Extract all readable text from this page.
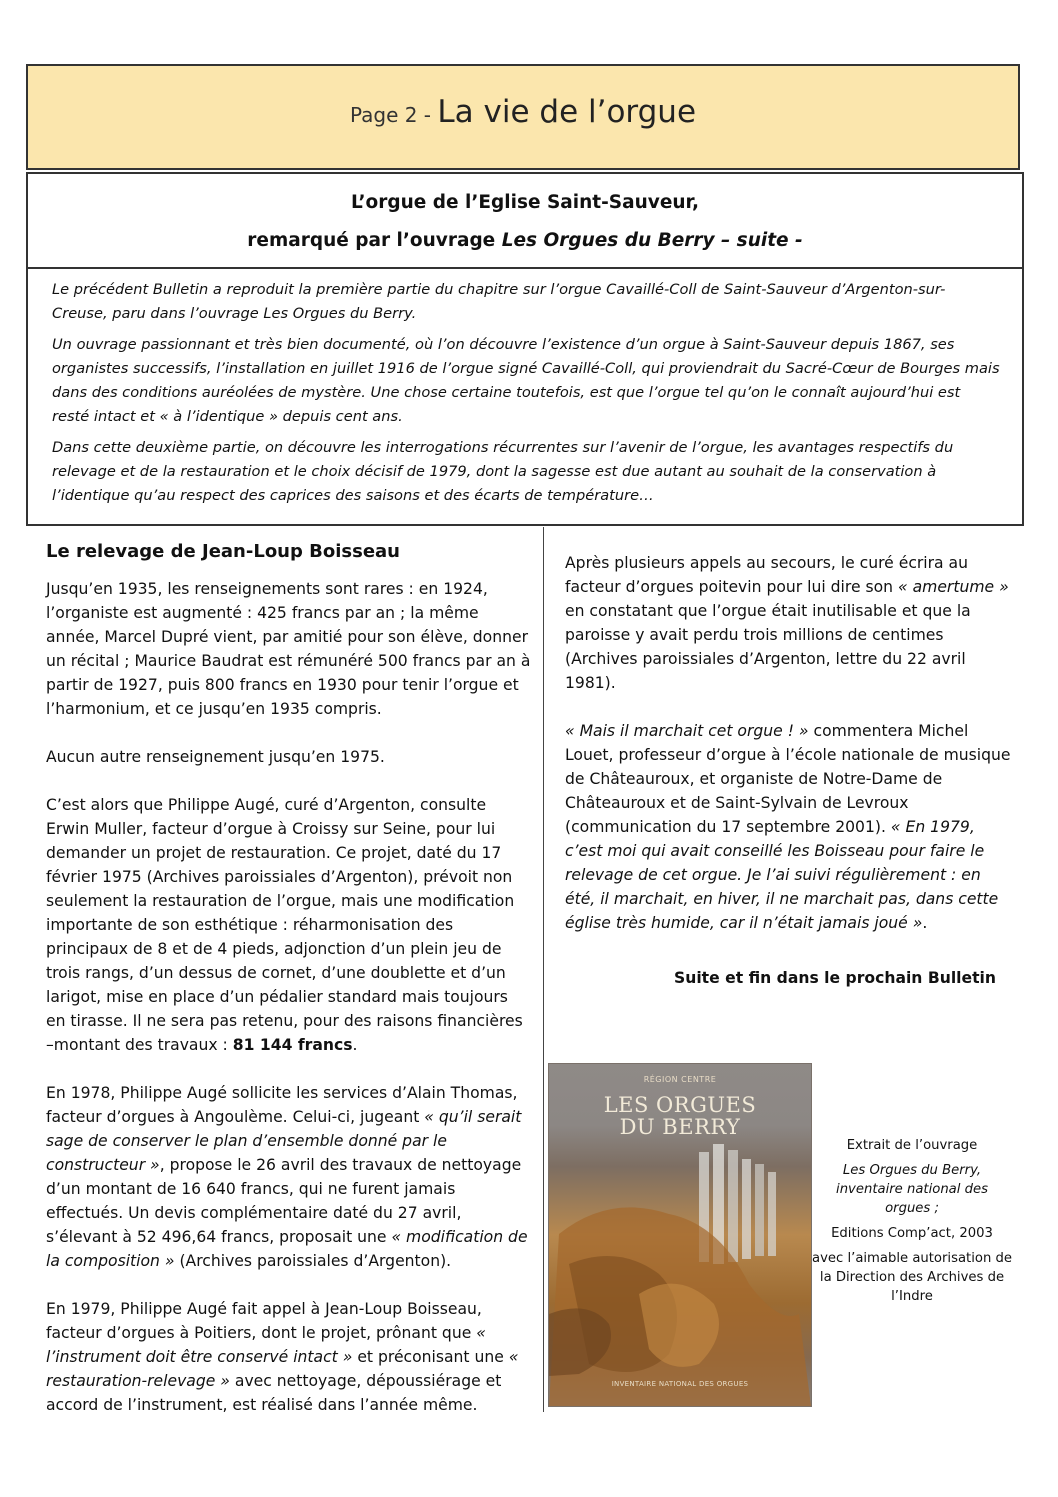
Page 2 - La vie de l’orgue
L’orgue de l’Eglise Saint-Sauveur,
remarqué par l’ouvrage Les Orgues du Berry – suite -

Le précédent Bulletin a reproduit la première partie du chapitre sur l’orgue Cavaillé-Coll de Saint-Sauveur d’Argenton-sur-Creuse, paru dans l’ouvrage Les Orgues du Berry.

Un ouvrage passionnant et très bien documenté, où l’on découvre l’existence d’un orgue à Saint-Sauveur depuis 1867, ses organistes successifs, l’installation en juillet 1916 de l’orgue signé Cavaillé-Coll, qui proviendrait du Sacré-Cœur de Bourges mais dans des conditions auréolées de mystère. Une chose certaine toutefois, est que l’orgue tel qu’on le connaît aujourd’hui est resté intact et « à l’identique » depuis cent ans.

Dans cette deuxième partie, on découvre les interrogations récurrentes sur l’avenir de l’orgue, les avantages respectifs du relevage et de la restauration et le choix décisif de 1979, dont la sagesse est due autant au souhait de la conservation à l’identique qu’au respect des caprices des saisons et des écarts de température…

Le relevage de Jean-Loup Boisseau

Jusqu’en 1935, les renseignements sont rares : en 1924, l’organiste est augmenté : 425 francs par an ; la même année, Marcel Dupré vient, par amitié pour son élève, donner un récital ; Maurice Baudrat est rémunéré 500 francs par an à partir de 1927, puis 800 francs en 1930 pour tenir l’orgue et l’harmonium, et ce jusqu’en 1935 compris.

Aucun autre renseignement jusqu’en 1975.

C’est alors que Philippe Augé, curé d’Argenton, consulte Erwin Muller, facteur d’orgue à Croissy sur Seine, pour lui demander un projet de restauration. Ce projet, daté du 17 février 1975 (Archives paroissiales d’Argenton), prévoit non seulement la restauration de l’orgue, mais une modification importante de son esthétique : réharmonisation des principaux de 8 et de 4 pieds, adjonction d’un plein jeu de trois rangs, d’un dessus de cornet, d’une doublette et d’un larigot, mise en place d’un pédalier standard mais toujours en tirasse. Il ne sera pas retenu, pour des raisons financières –montant des travaux : 81 144 francs.

En 1978, Philippe Augé sollicite les services d’Alain Thomas, facteur d’orgues à Angoulème. Celui-ci, jugeant « qu’il serait sage de conserver le plan d’ensemble donné par le constructeur », propose le 26 avril des travaux de nettoyage d’un montant de 16 640 francs, qui ne furent jamais effectués. Un devis complémentaire daté du 27 avril, s’élevant à 52 496,64 francs, proposait une « modification de la composition » (Archives paroissiales d’Argenton).

En 1979, Philippe Augé fait appel à Jean-Loup Boisseau, facteur d’orgues à Poitiers, dont le projet, prônant que « l’instrument doit être conservé intact » et préconisant une « restauration-relevage » avec nettoyage, dépoussiérage et accord de l’instrument, est réalisé dans l’année même.

Après plusieurs appels au secours, le curé écrira au facteur d’orgues poitevin pour lui dire son « amertume » en constatant que l’orgue était inutilisable et que la paroisse y avait perdu trois millions de centimes (Archives paroissiales d’Argenton, lettre du 22 avril 1981).

« Mais il marchait cet orgue ! » commentera Michel Louet, professeur d’orgue à l’école nationale de musique de Châteauroux, et organiste de Notre-Dame de Châteauroux et de Saint-Sylvain de Levroux (communication du 17 septembre 2001). « En 1979, c’est moi qui avait conseillé les Boisseau pour faire le relevage de cet orgue. Je l’ai suivi régulièrement : en été, il marchait, en hiver, il ne marchait pas, dans cette église très humide, car il n’était jamais joué ».

Suite et fin dans le prochain Bulletin
RÉGION CENTRE
LES ORGUES
DU BERRY
INVENTAIRE NATIONAL DES ORGUES

Extrait de l’ouvrage

Les Orgues du Berry, inventaire national des orgues ;

Editions Comp’act, 2003

avec l’aimable autorisation de la Direction des Archives de l’Indre
